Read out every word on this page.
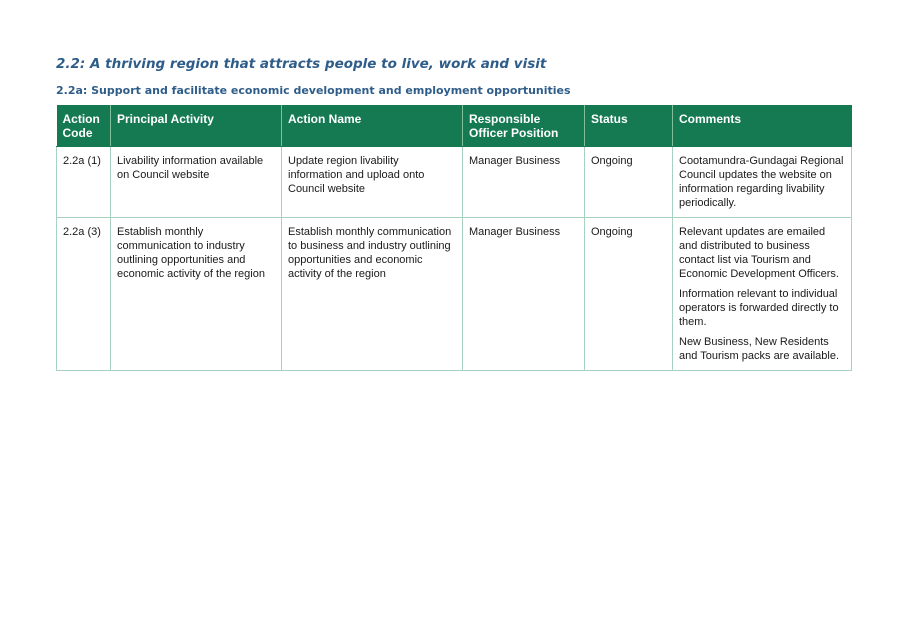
2.2: A thriving region that attracts people to live, work and visit
2.2a: Support and facilitate economic development and employment opportunities
Action Code	Principal Activity	Action Name	Responsible Officer Position	Status	Comments
2.2a (1)	Livability information available on Council website	Update region livability information and upload onto Council website	Manager Business	Ongoing	Cootamundra-Gundagai Regional Council updates the website on information regarding livability periodically.

2.2a (3)	Establish monthly communication to industry outlining opportunities and economic activity of the region	Establish monthly communication to business and industry outlining opportunities and economic activity of the region	Manager Business	Ongoing	Relevant updates are emailed and distributed to business contact list via Tourism and Economic Development Officers.

Information relevant to individual operators is forwarded directly to them.

New Business, New Residents and Tourism packs are available.
